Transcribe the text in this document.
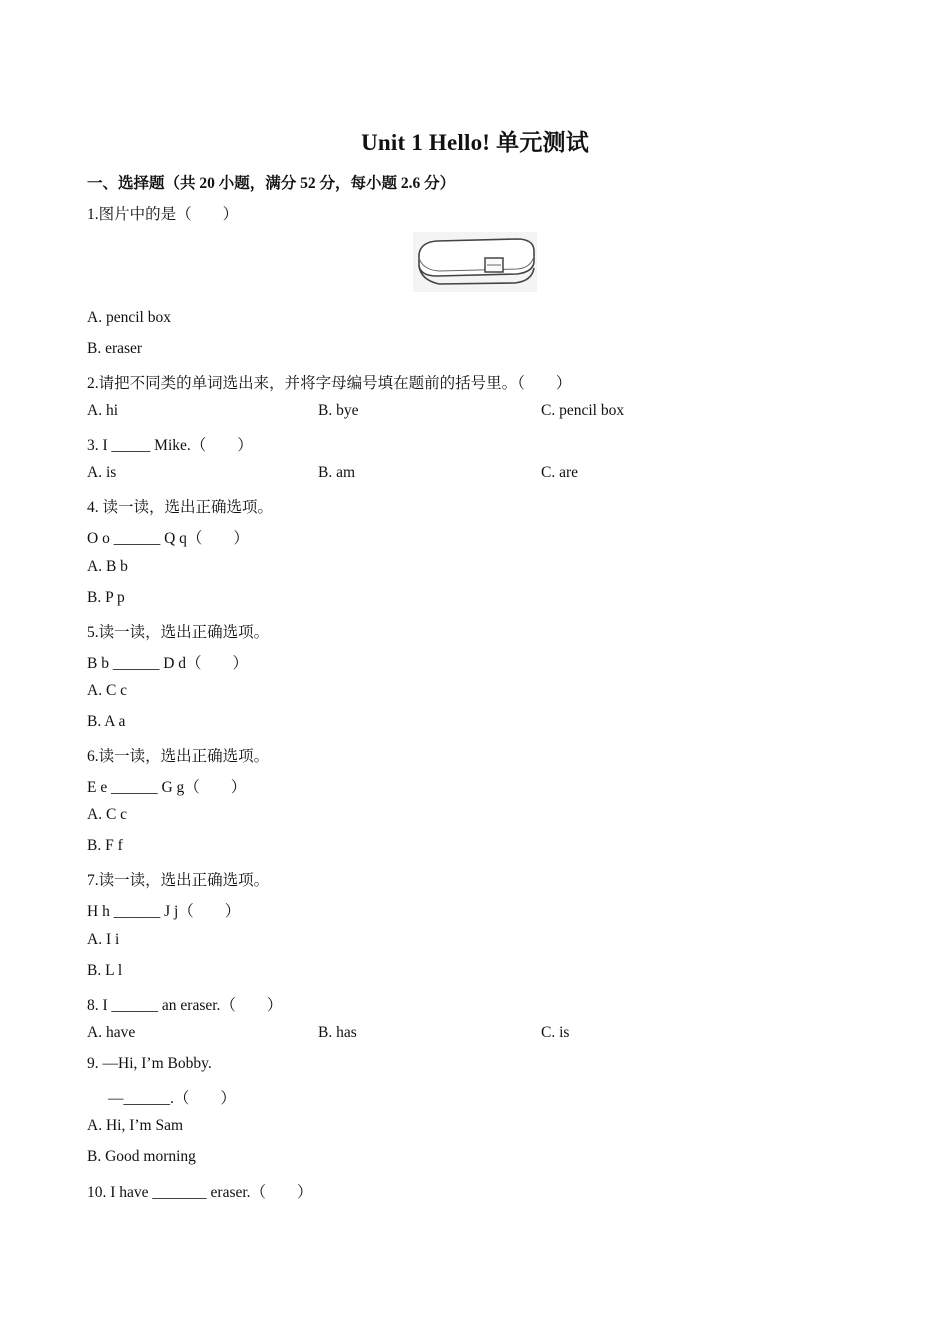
Unit 1 Hello! 单元测试
一、选择题（共 20 小题，满分 52 分，每小题 2.6 分）
1.图片中的是（　　）
A. pencil box
B. eraser
2.请把不同类的单词选出来，并将字母编号填在题前的括号里。（　　）
A. hi	B. bye	C. pencil box
3. I _____ Mike.（　　）
A. is	B. am	C. are
4. 读一读，选出正确选项。
O o ______ Q q（　　）
A. B b
B. P p
5.读一读，选出正确选项。
B b ______ D d（　　）
A. C c
B. A a
6.读一读，选出正确选项。
E e ______ G g（　　）
A. C c
B. F f
7.读一读，选出正确选项。
H h ______ J j（　　）
A. I i
B. L l
8. I ______ an eraser.（　　）
A. have	B. has	C. is
9. —Hi, I’m Bobby.
—______.（　　）
A. Hi, I’m Sam
B. Good morning
10. I have _______ eraser.（　　）
